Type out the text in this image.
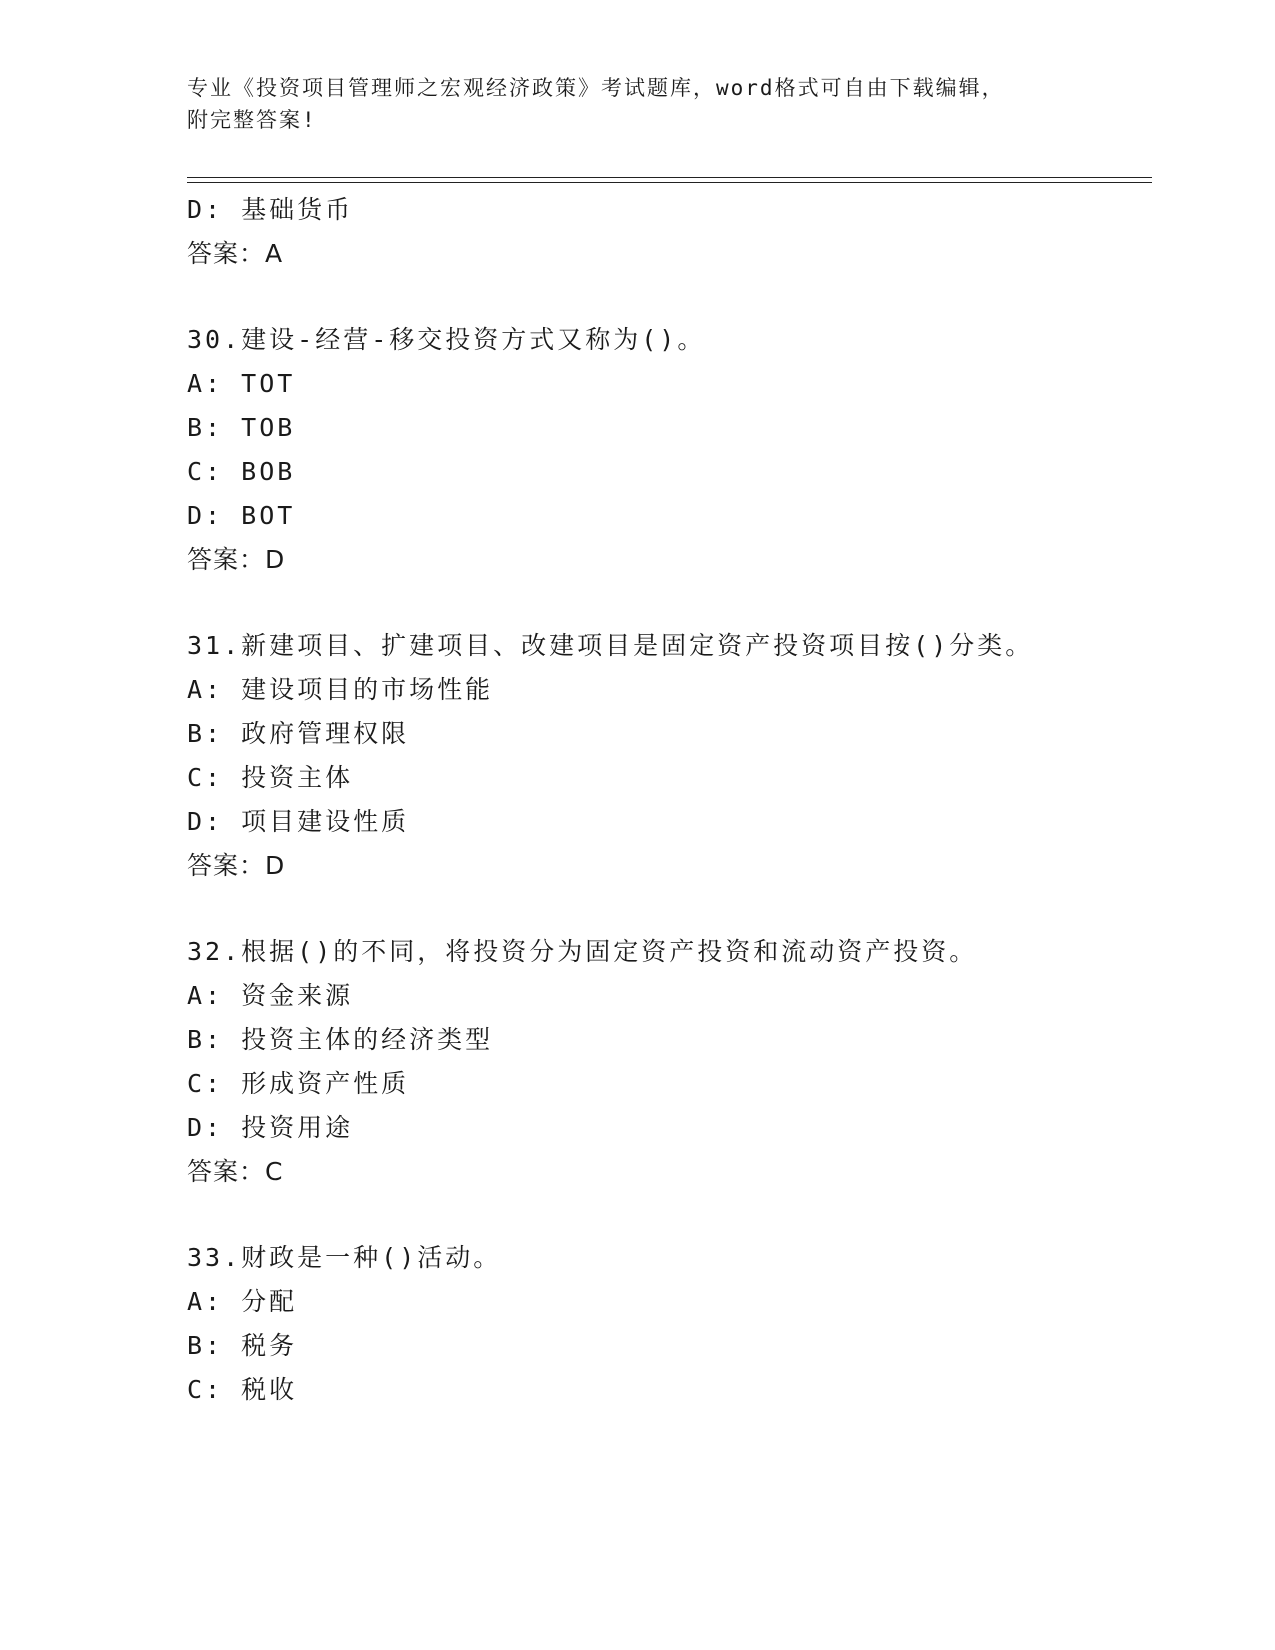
专业《投资项目管理师之宏观经济政策》考试题库，word格式可自由下载编辑，
附完整答案!
D: 基础货币
答案：A
30.建设-经营-移交投资方式又称为()。
A: TOT
B: TOB
C: BOB
D: BOT
答案：D
31.新建项目、扩建项目、改建项目是固定资产投资项目按()分类。
A: 建设项目的市场性能
B: 政府管理权限
C: 投资主体
D: 项目建设性质
答案：D
32.根据()的不同，将投资分为固定资产投资和流动资产投资。
A: 资金来源
B: 投资主体的经济类型
C: 形成资产性质
D: 投资用途
答案：C
33.财政是一种()活动。
A: 分配
B: 税务
C: 税收
